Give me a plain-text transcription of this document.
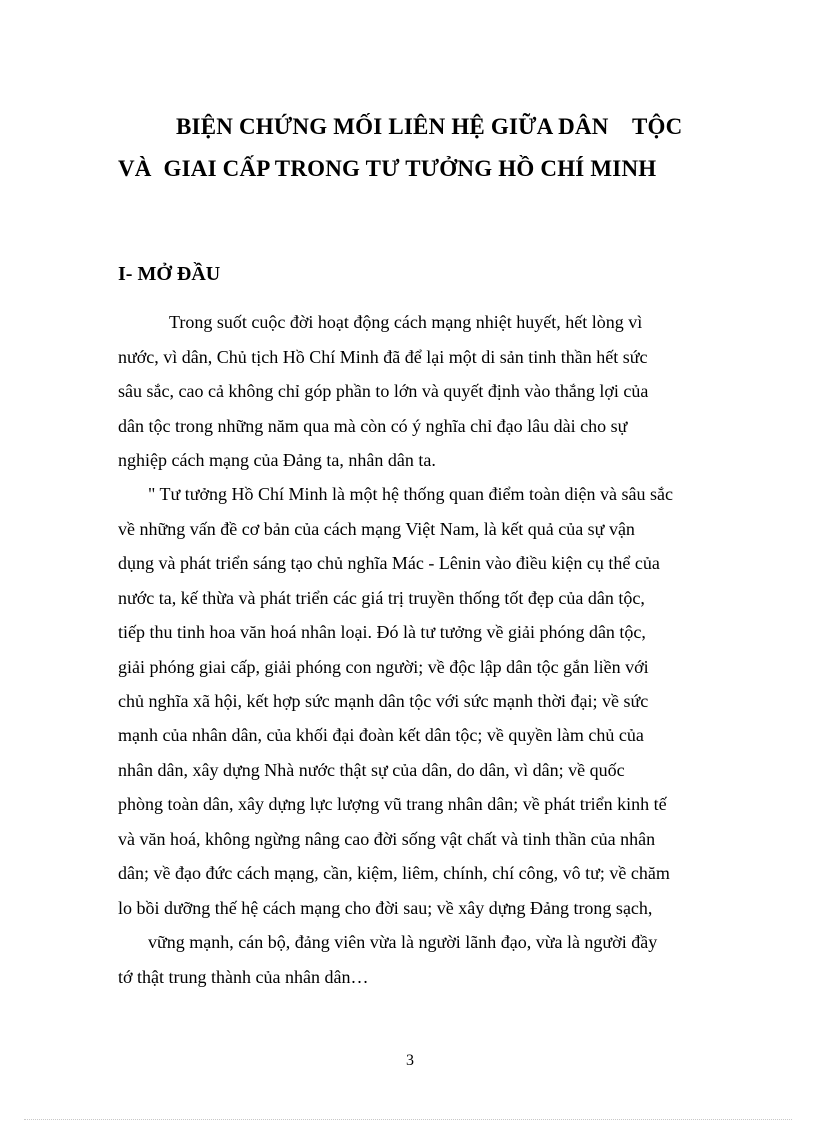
BIỆN CHỨNG MỐI LIÊN HỆ GIỮA DÂN    TỘC
VÀ  GIAI CẤP TRONG TƯ TƯỞNG HỒ CHÍ MINH
I- MỞ ĐẦU
Trong suốt cuộc đời hoạt động cách mạng nhiệt huyết, hết lòng vì
nước, vì dân, Chủ tịch Hồ Chí Minh đã để lại một di sản tinh thần hết sức
sâu sắc, cao cả không chỉ góp phần to lớn và quyết định vào thắng lợi của
dân tộc trong những năm qua mà còn có ý nghĩa chỉ đạo lâu dài cho sự
nghiệp cách mạng của Đảng ta, nhân dân ta.
" Tư tưởng Hồ Chí Minh là một hệ thống quan điểm toàn diện và sâu sắc
về những vấn đề cơ bản của cách mạng Việt Nam, là kết quả của sự vận
dụng và phát triển sáng tạo chủ nghĩa Mác - Lênin vào điều kiện cụ thể của
nước ta, kế thừa và phát triển các giá trị truyền thống tốt đẹp của dân tộc,
tiếp thu tinh hoa văn hoá nhân loại. Đó là tư tưởng về giải phóng dân tộc,
giải phóng giai cấp, giải phóng con người; về độc lập dân tộc gắn liền với
chủ nghĩa xã hội, kết hợp sức mạnh dân tộc với sức mạnh thời đại; về sức
mạnh của nhân dân, của khối đại đoàn kết dân tộc; về quyền làm chủ của
nhân dân, xây dựng Nhà nước thật sự của dân, do dân, vì dân; về quốc
phòng toàn dân, xây dựng lực lượng vũ trang nhân dân; về phát triển kinh tế
và văn hoá, không ngừng nâng cao đời sống vật chất và tinh thần của nhân
dân; về đạo đức cách mạng, cần, kiệm, liêm, chính, chí công, vô tư; về chăm
lo bồi dưỡng thế hệ cách mạng cho đời sau; về xây dựng Đảng trong sạch,
vững mạnh, cán bộ, đảng viên vừa là người lãnh đạo, vừa là người đầy
tớ thật trung thành của nhân dân…
3
